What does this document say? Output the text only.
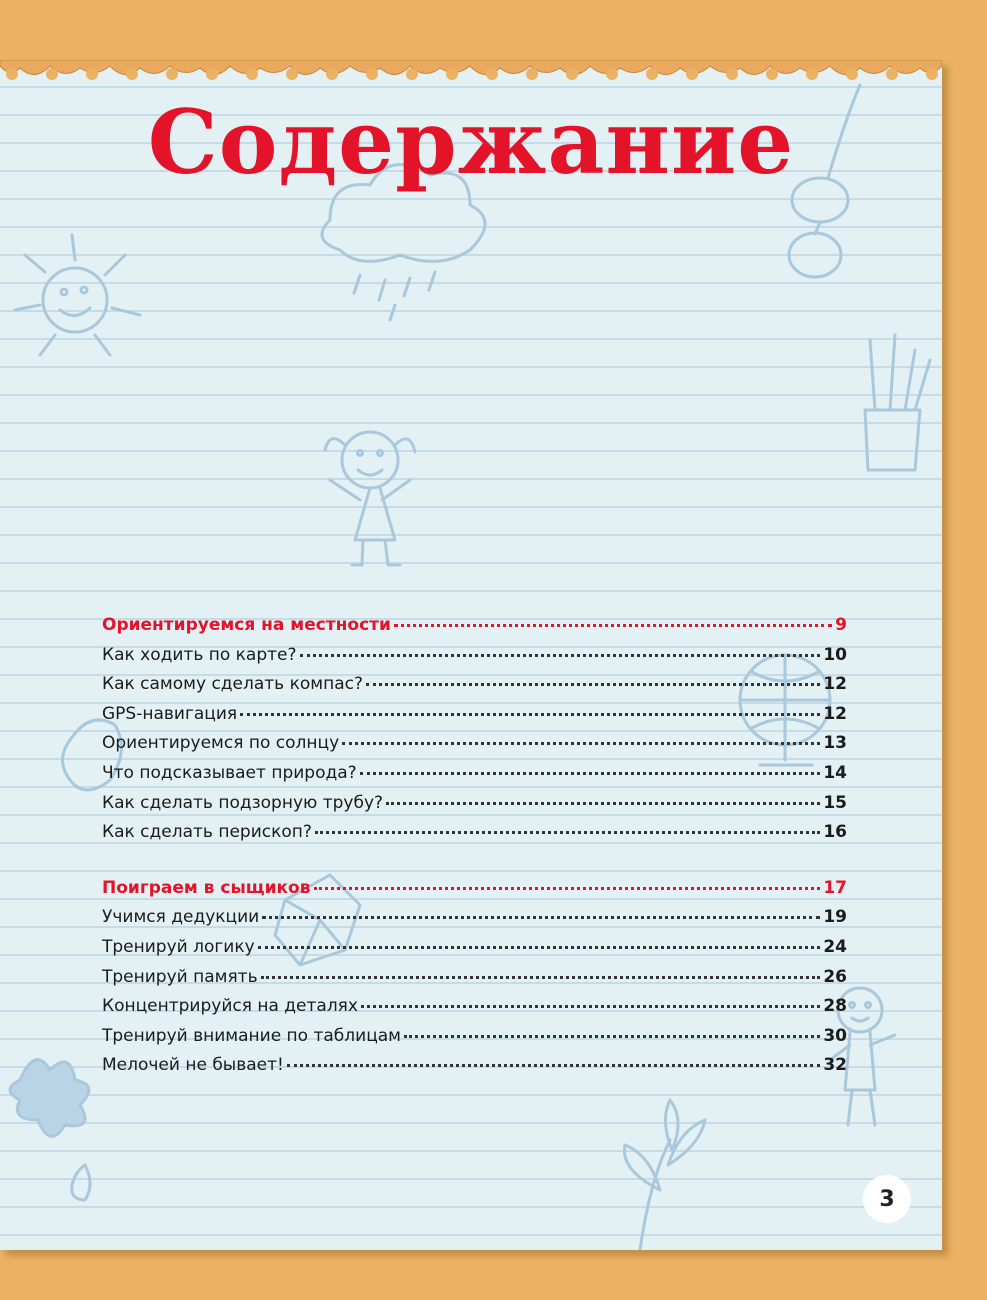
Содержание
Ориентируемся на местности	9
Как ходить по карте?	10
Как самому сделать компас?	12
GPS-навигация	12
Ориентируемся по солнцу	13
Что подсказывает природа?	14
Как сделать подзорную трубу?	15
Как сделать перископ?	16
Поиграем в сыщиков	17
Учимся дедукции	19
Тренируй логику	24
Тренируй память	26
Концентрируйся на деталях	28
Тренируй внимание по таблицам	30
Мелочей не бывает!	32
3
